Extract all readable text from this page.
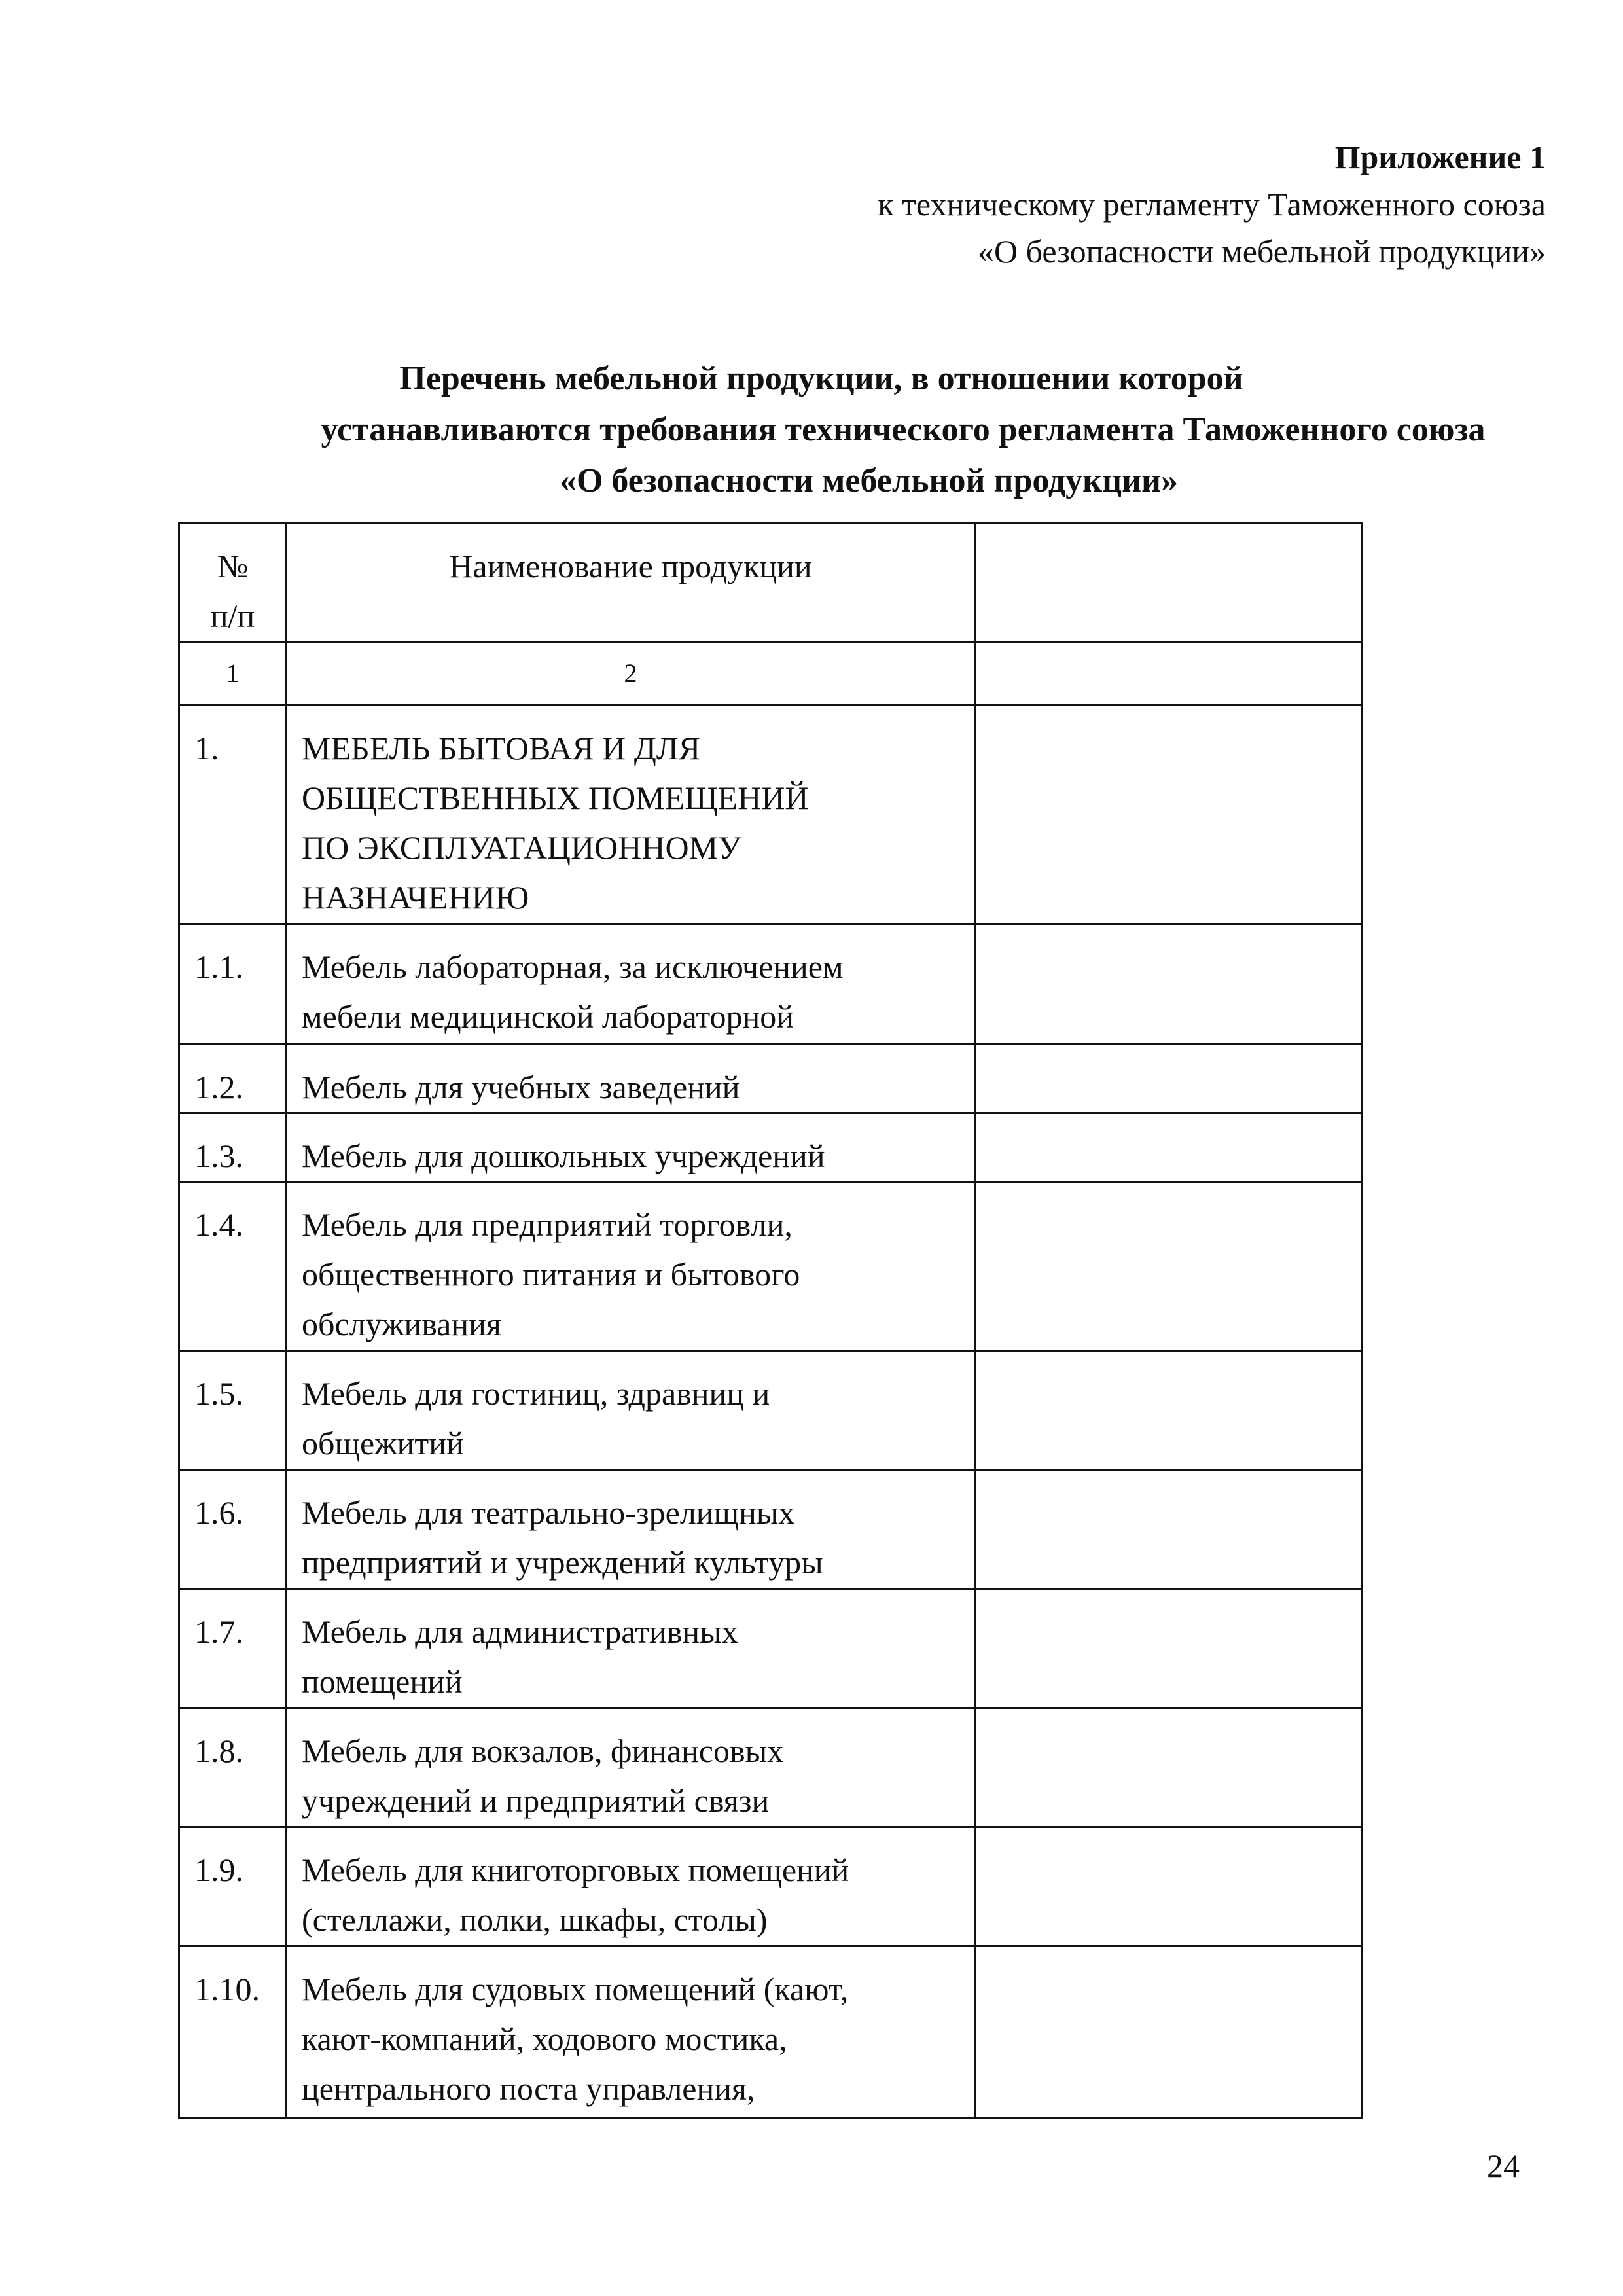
Приложение 1
к техническому регламенту Таможенного союза
«О безопасности мебельной продукции»
Перечень мебельной продукции, в отношении которой
устанавливаются требования технического регламента Таможенного союза
«О безопасности мебельной продукции»
№
п/п	Наименование продукции	

1	2	
1.	МЕБЕЛЬ БЫТОВАЯ И ДЛЯ
ОБЩЕСТВЕННЫХ ПОМЕЩЕНИЙ
ПО ЭКСПЛУАТАЦИОННОМУ
НАЗНАЧЕНИЮ	

1.1.	Мебель лабораторная, за исключением
мебели медицинской лабораторной	

1.2.	Мебель для учебных заведений	

1.3.	Мебель для дошкольных учреждений	

1.4.	Мебель для предприятий торговли,
общественного питания и бытового
обслуживания	

1.5.	Мебель для гостиниц, здравниц и
общежитий	

1.6.	Мебель для театрально-зрелищных
предприятий и учреждений культуры	

1.7.	Мебель для административных
помещений	

1.8.	Мебель для вокзалов, финансовых
учреждений и предприятий связи	

1.9.	Мебель для книготорговых помещений
(стеллажи, полки, шкафы, столы)	

1.10.	Мебель для судовых помещений (кают,
кают-компаний, ходового мостика,
центрального поста управления,	

24
